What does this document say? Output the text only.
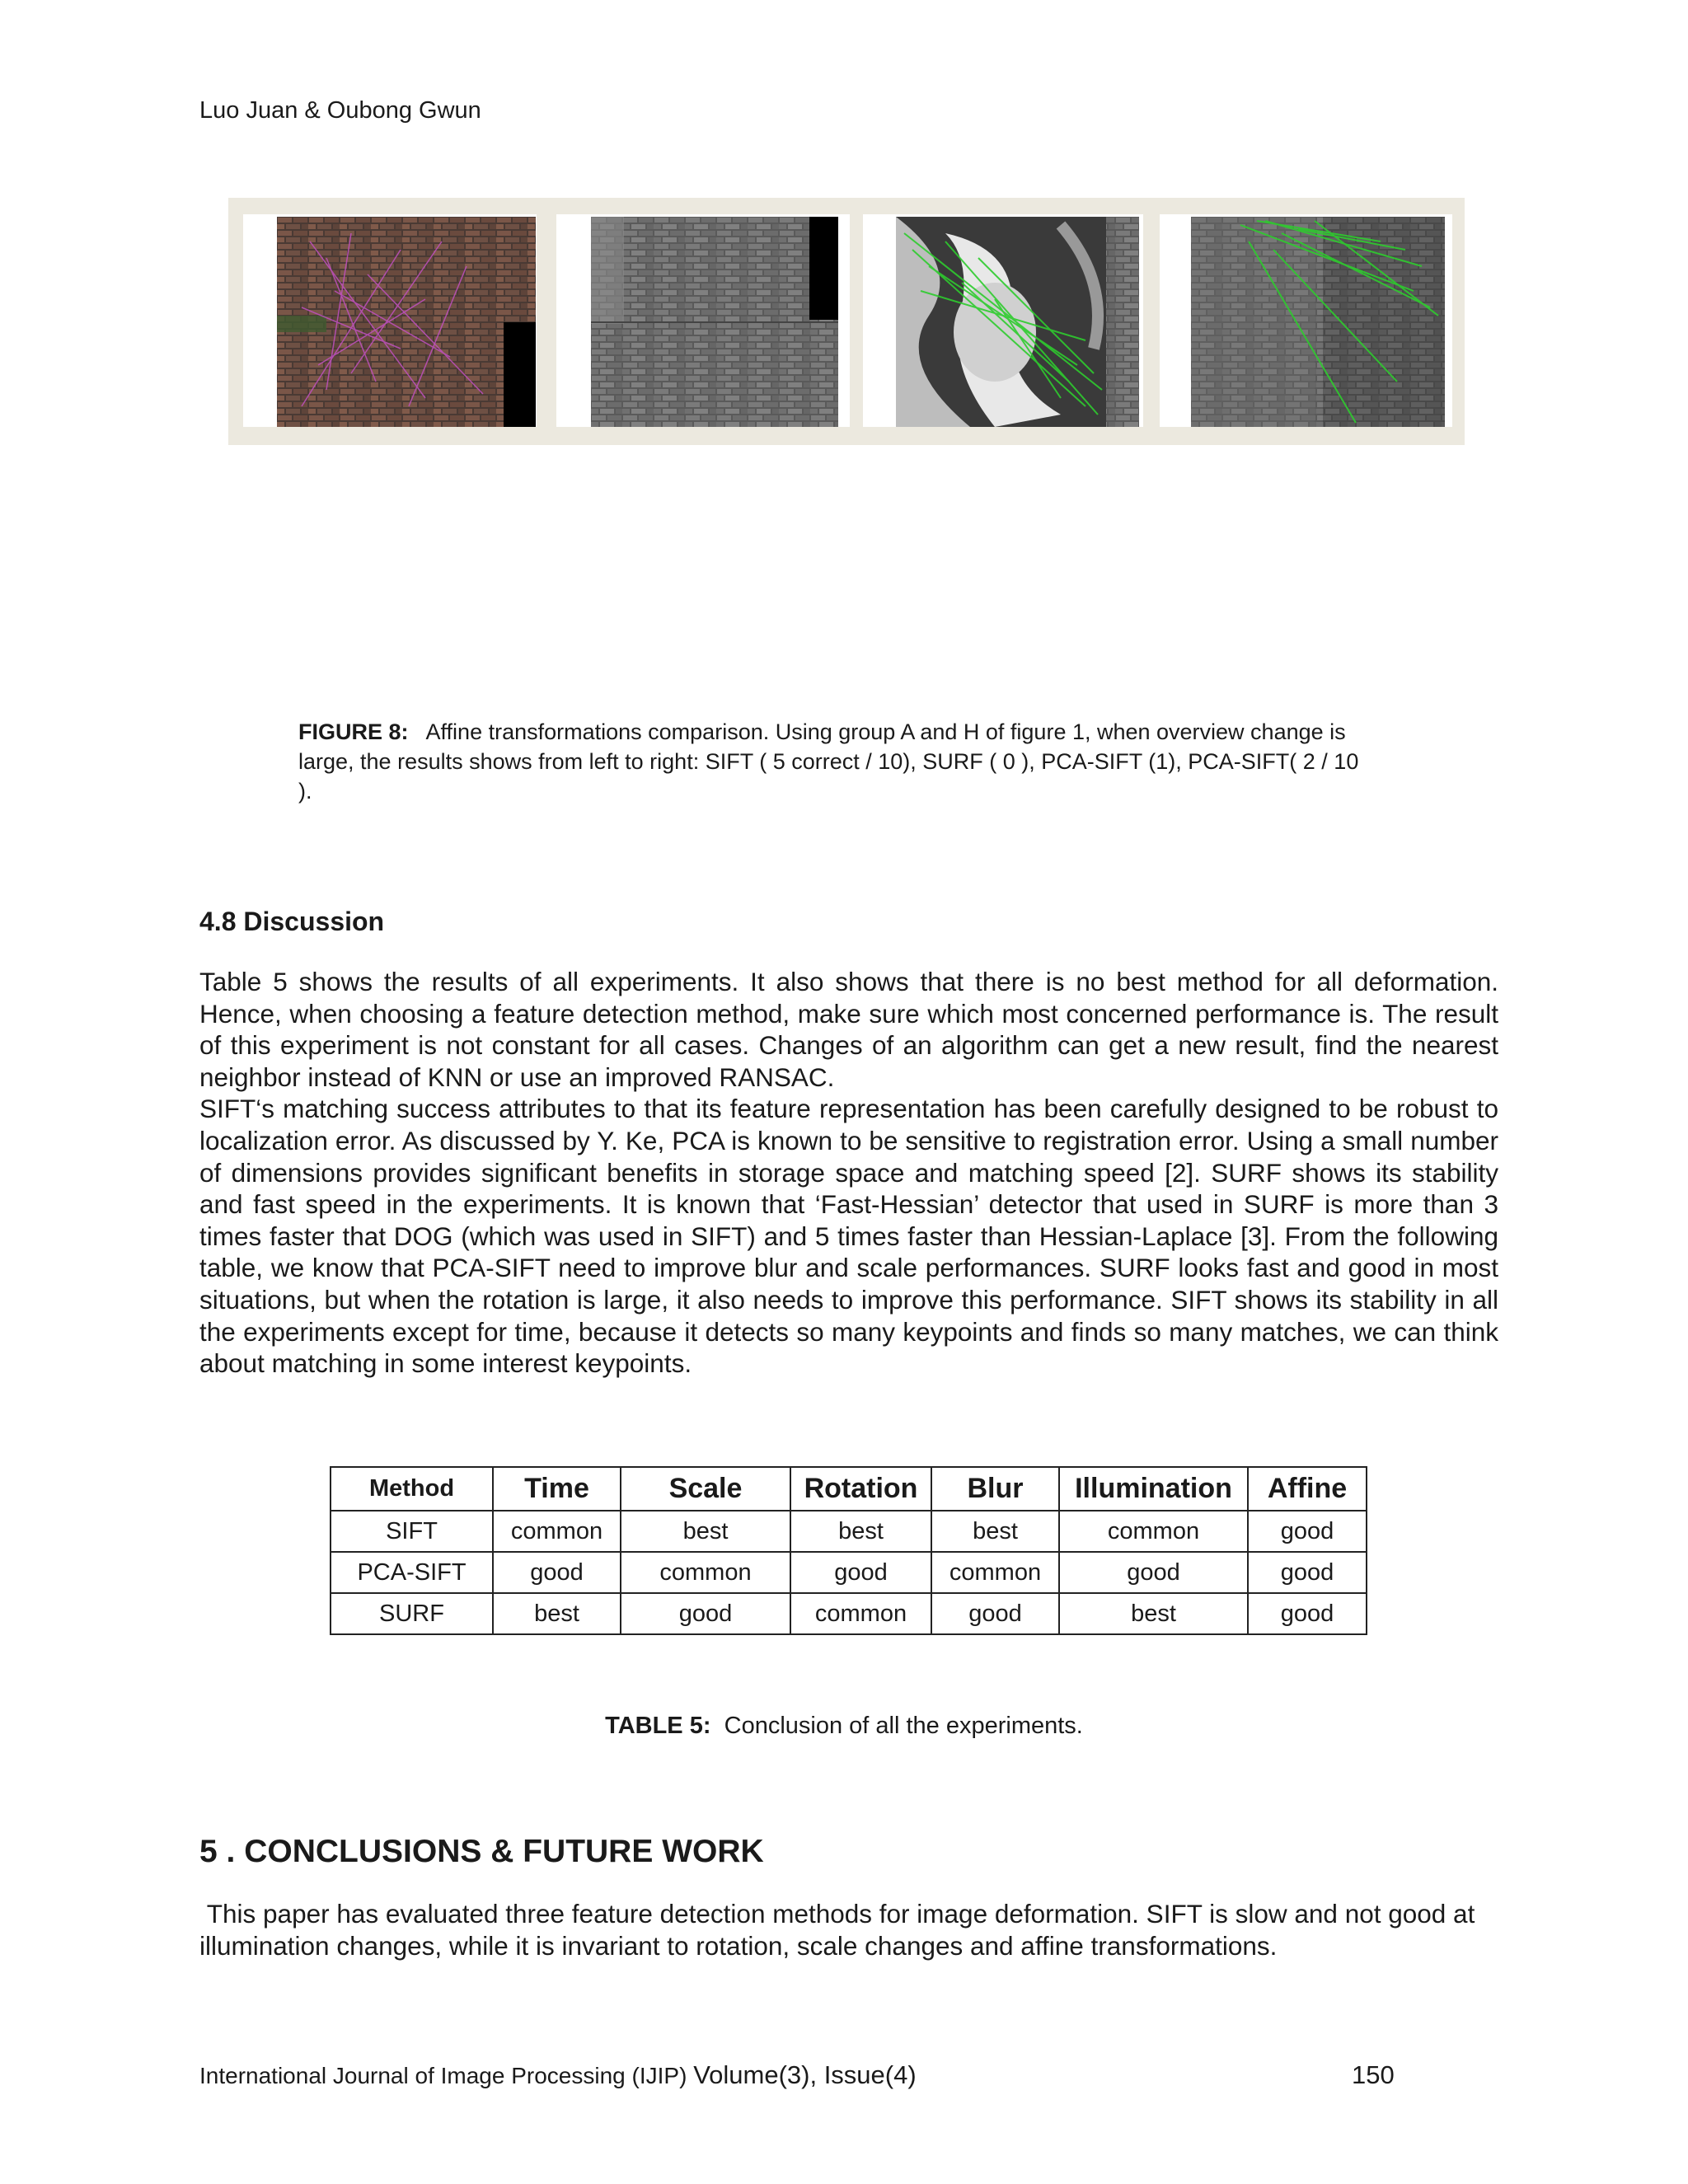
Luo Juan & Oubong Gwun
FIGURE 8: Affine transformations comparison. Using group A and H of figure 1, when overview change is large, the results shows from left to right: SIFT ( 5 correct / 10), SURF ( 0 ), PCA-SIFT (1), PCA-SIFT( 2 / 10 ).
4.8 Discussion

Table 5 shows the results of all experiments. It also shows that there is no best method for all deformation. Hence, when choosing a feature detection method, make sure which most concerned performance is. The result of this experiment is not constant for all cases. Changes of an algorithm can get a new result, find the nearest neighbor instead of KNN or use an improved RANSAC.

SIFT‘s matching success attributes to that its feature representation has been carefully designed to be robust to localization error. As discussed by Y. Ke, PCA is known to be sensitive to registration error. Using a small number of dimensions provides significant benefits in storage space and matching speed [2]. SURF shows its stability and fast speed in the experiments. It is known that ‘Fast-Hessian’ detector that used in SURF is more than 3 times faster that DOG (which was used in SIFT) and 5 times faster than Hessian-Laplace [3]. From the following table, we know that PCA-SIFT need to improve blur and scale performances. SURF looks fast and good in most situations, but when the rotation is large, it also needs to improve this performance. SIFT shows its stability in all the experiments except for time, because it detects so many keypoints and finds so many matches, we can think about matching in some interest keypoints.

Method	Time	Scale	Rotation	Blur	Illumination	Affine
SIFT	common	best	best	best	common	good
PCA-SIFT	good	common	good	common	good	good
SURF	best	good	common	good	best	good
TABLE 5: Conclusion of all the experiments.
5 . CONCLUSIONS & FUTURE WORK
This paper has evaluated three feature detection methods for image deformation. SIFT is slow and not good at illumination changes, while it is invariant to rotation, scale changes and affine transformations.
International Journal of Image Processing (IJIP) Volume(3), Issue(4)	150
